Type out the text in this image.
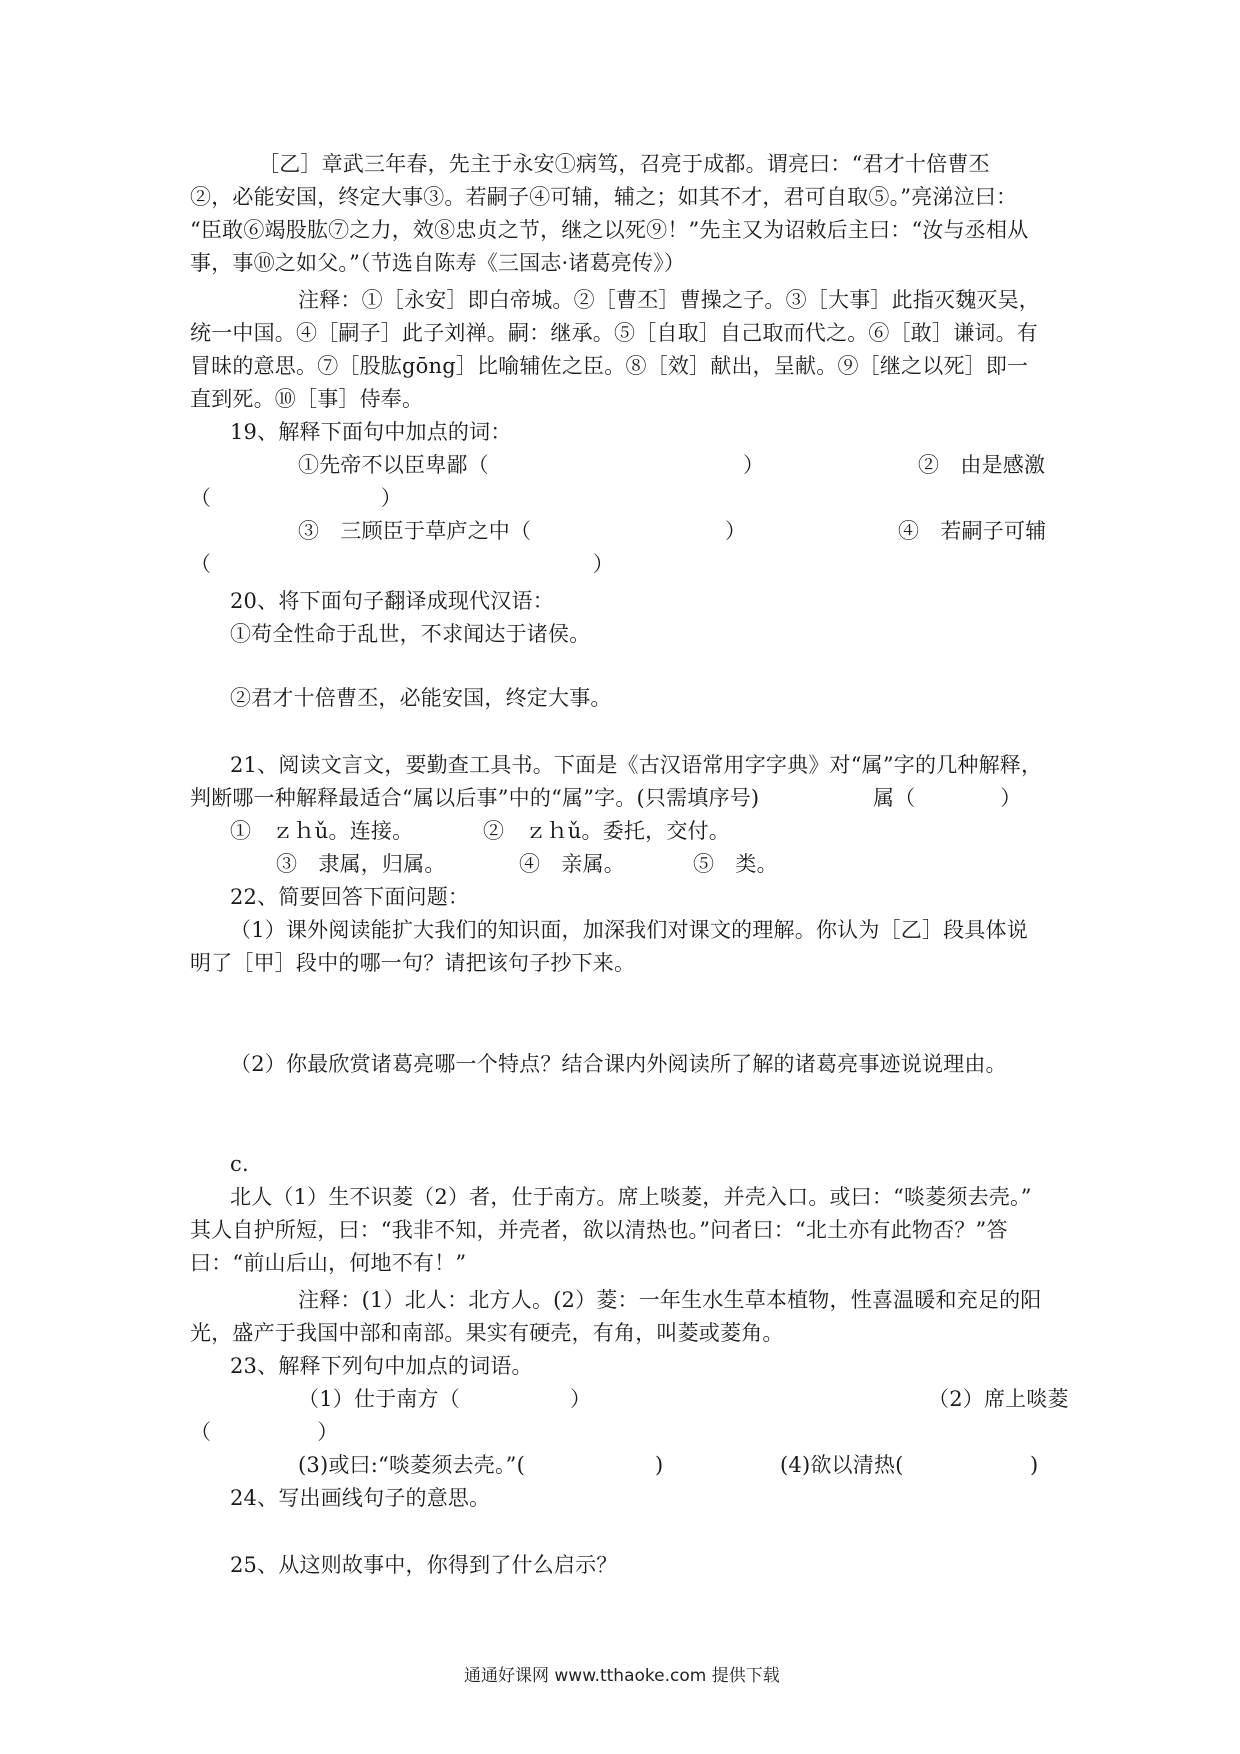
［乙］章武三年春，先主于永安①病笃，召亮于成都。谓亮曰：“君才十倍曹丕
②，必能安国，终定大事③。若嗣子④可辅，辅之；如其不才，君可自取⑤。”亮涕泣曰：
“臣敢⑥竭股肱⑦之力，效⑧忠贞之节，继之以死⑨！”先主又为诏敕后主曰：“汝与丞相从
事，事⑩之如父。”（节选自陈寿《三国志·诸葛亮传》）
注释：①［永安］即白帝城。②［曹丕］曹操之子。③［大事］此指灭魏灭吴，
统一中国。④［嗣子］此子刘禅。嗣：继承。⑤［自取］自己取而代之。⑥［敢］谦词。有
冒昧的意思。⑦［股肱gōng］比喻辅佐之臣。⑧［效］献出，呈献。⑨［继之以死］即一
直到死。⑩［事］侍奉。
19、解释下面句中加点的词：
①先帝不以臣卑鄙（	）	②　由是感激
（　　　　　　　　）
③　三顾臣于草庐之中（	）	④　若嗣子可辅
（　　　　　　　　　　　　　　　　　　）
20、将下面句子翻译成现代汉语：
①苟全性命于乱世，不求闻达于诸侯。
②君才十倍曹丕，必能安国，终定大事。
21、阅读文言文，要勤查工具书。下面是《古汉语常用字字典》对“属”字的几种解释，
判断哪一种解释最适合“属以后事”中的“属”字。(只需填序号)	属（　　　　）
①　ｚｈǔ。连接。	②　ｚｈǔ。委托，交付。
③　隶属，归属。	④　亲属。	⑤　类。
22、简要回答下面问题：
（1）课外阅读能扩大我们的知识面，加深我们对课文的理解。你认为［乙］段具体说
明了［甲］段中的哪一句？请把该句子抄下来。
（2）你最欣赏诸葛亮哪一个特点？结合课内外阅读所了解的诸葛亮事迹说说理由。
c.
北人（1）生不识菱（2）者，仕于南方。席上啖菱，并壳入口。或曰：“啖菱须去壳。”
其人自护所短，曰：“我非不知，并壳者，欲以清热也。”问者曰：“北土亦有此物否？”答
曰：“前山后山，何地不有！”
注释：(1）北人：北方人。(2）菱：一年生水生草本植物，性喜温暖和充足的阳
光，盛产于我国中部和南部。果实有硬壳，有角，叫菱或菱角。
23、解释下列句中加点的词语。
（1）仕于南方（	）	（2）席上啖菱
（　　　　　）
(3)或曰:“啖菱须去壳。”(	)	(4)欲以清热(	)
24、写出画线句子的意思。
25、从这则故事中，你得到了什么启示？
通通好课网 www.tthaoke.com 提供下载
